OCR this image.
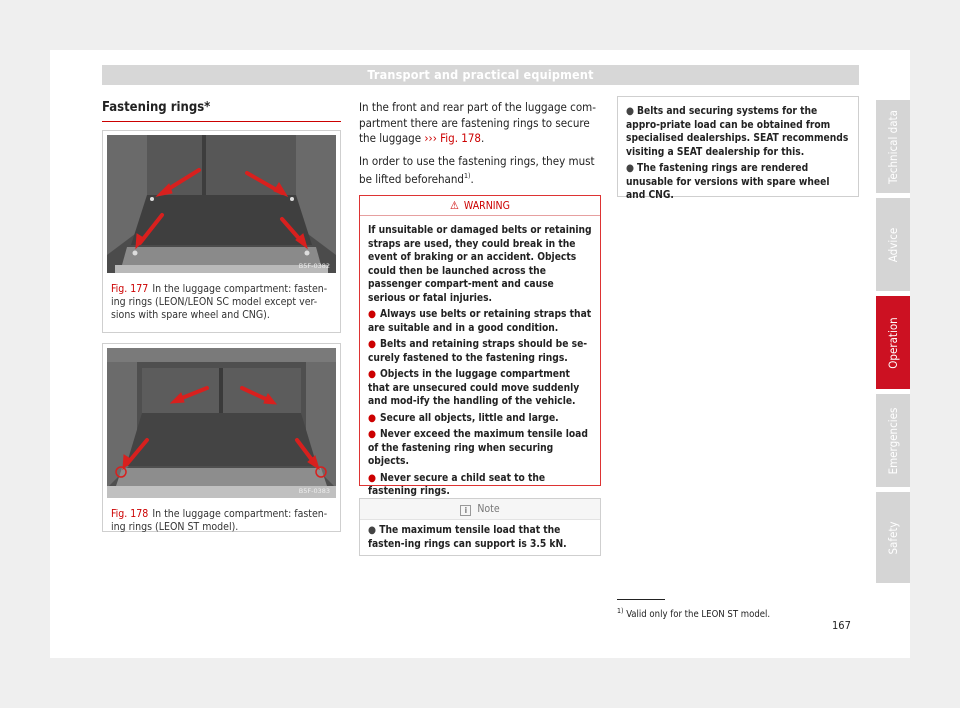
Transport and practical equipment
Fastening rings*
B5F-0382
Fig. 177 In the luggage compartment: fasten-ing rings (LEON/LEON SC model except ver-sions with spare wheel and CNG).
B5F-0383
Fig. 178 In the luggage compartment: fasten-ing rings (LEON ST model).

In the front and rear part of the luggage com-partment there are fastening rings to secure the luggage ››› Fig. 178.

In order to use the fastening rings, they must be lifted beforehand$^{1)}$.

⚠ WARNING
If unsuitable or damaged belts or retaining straps are used, they could break in the event of braking or an accident. Objects could then be launched across the passenger compart-ment and cause serious or fatal injuries.
● Always use belts or retaining straps that are suitable and in a good condition.
● Belts and retaining straps should be se-curely fastened to the fastening rings.
● Objects in the luggage compartment that are unsecured could move suddenly and mod-ify the handling of the vehicle.
● Secure all objects, little and large.
● Never exceed the maximum tensile load of the fastening ring when securing objects.
● Never secure a child seat to the fastening rings.
i Note
● The maximum tensile load that the fasten-ing rings can support is 3.5 kN.
● Belts and securing systems for the appro-priate load can be obtained from specialised dealerships. SEAT recommends visiting a SEAT dealership for this.
● The fastening rings are rendered unusable for versions with spare wheel and CNG.
$^{1)}$ Valid only for the LEON ST model.
167
Technical data
Advice
Operation
Emergencies
Safety
